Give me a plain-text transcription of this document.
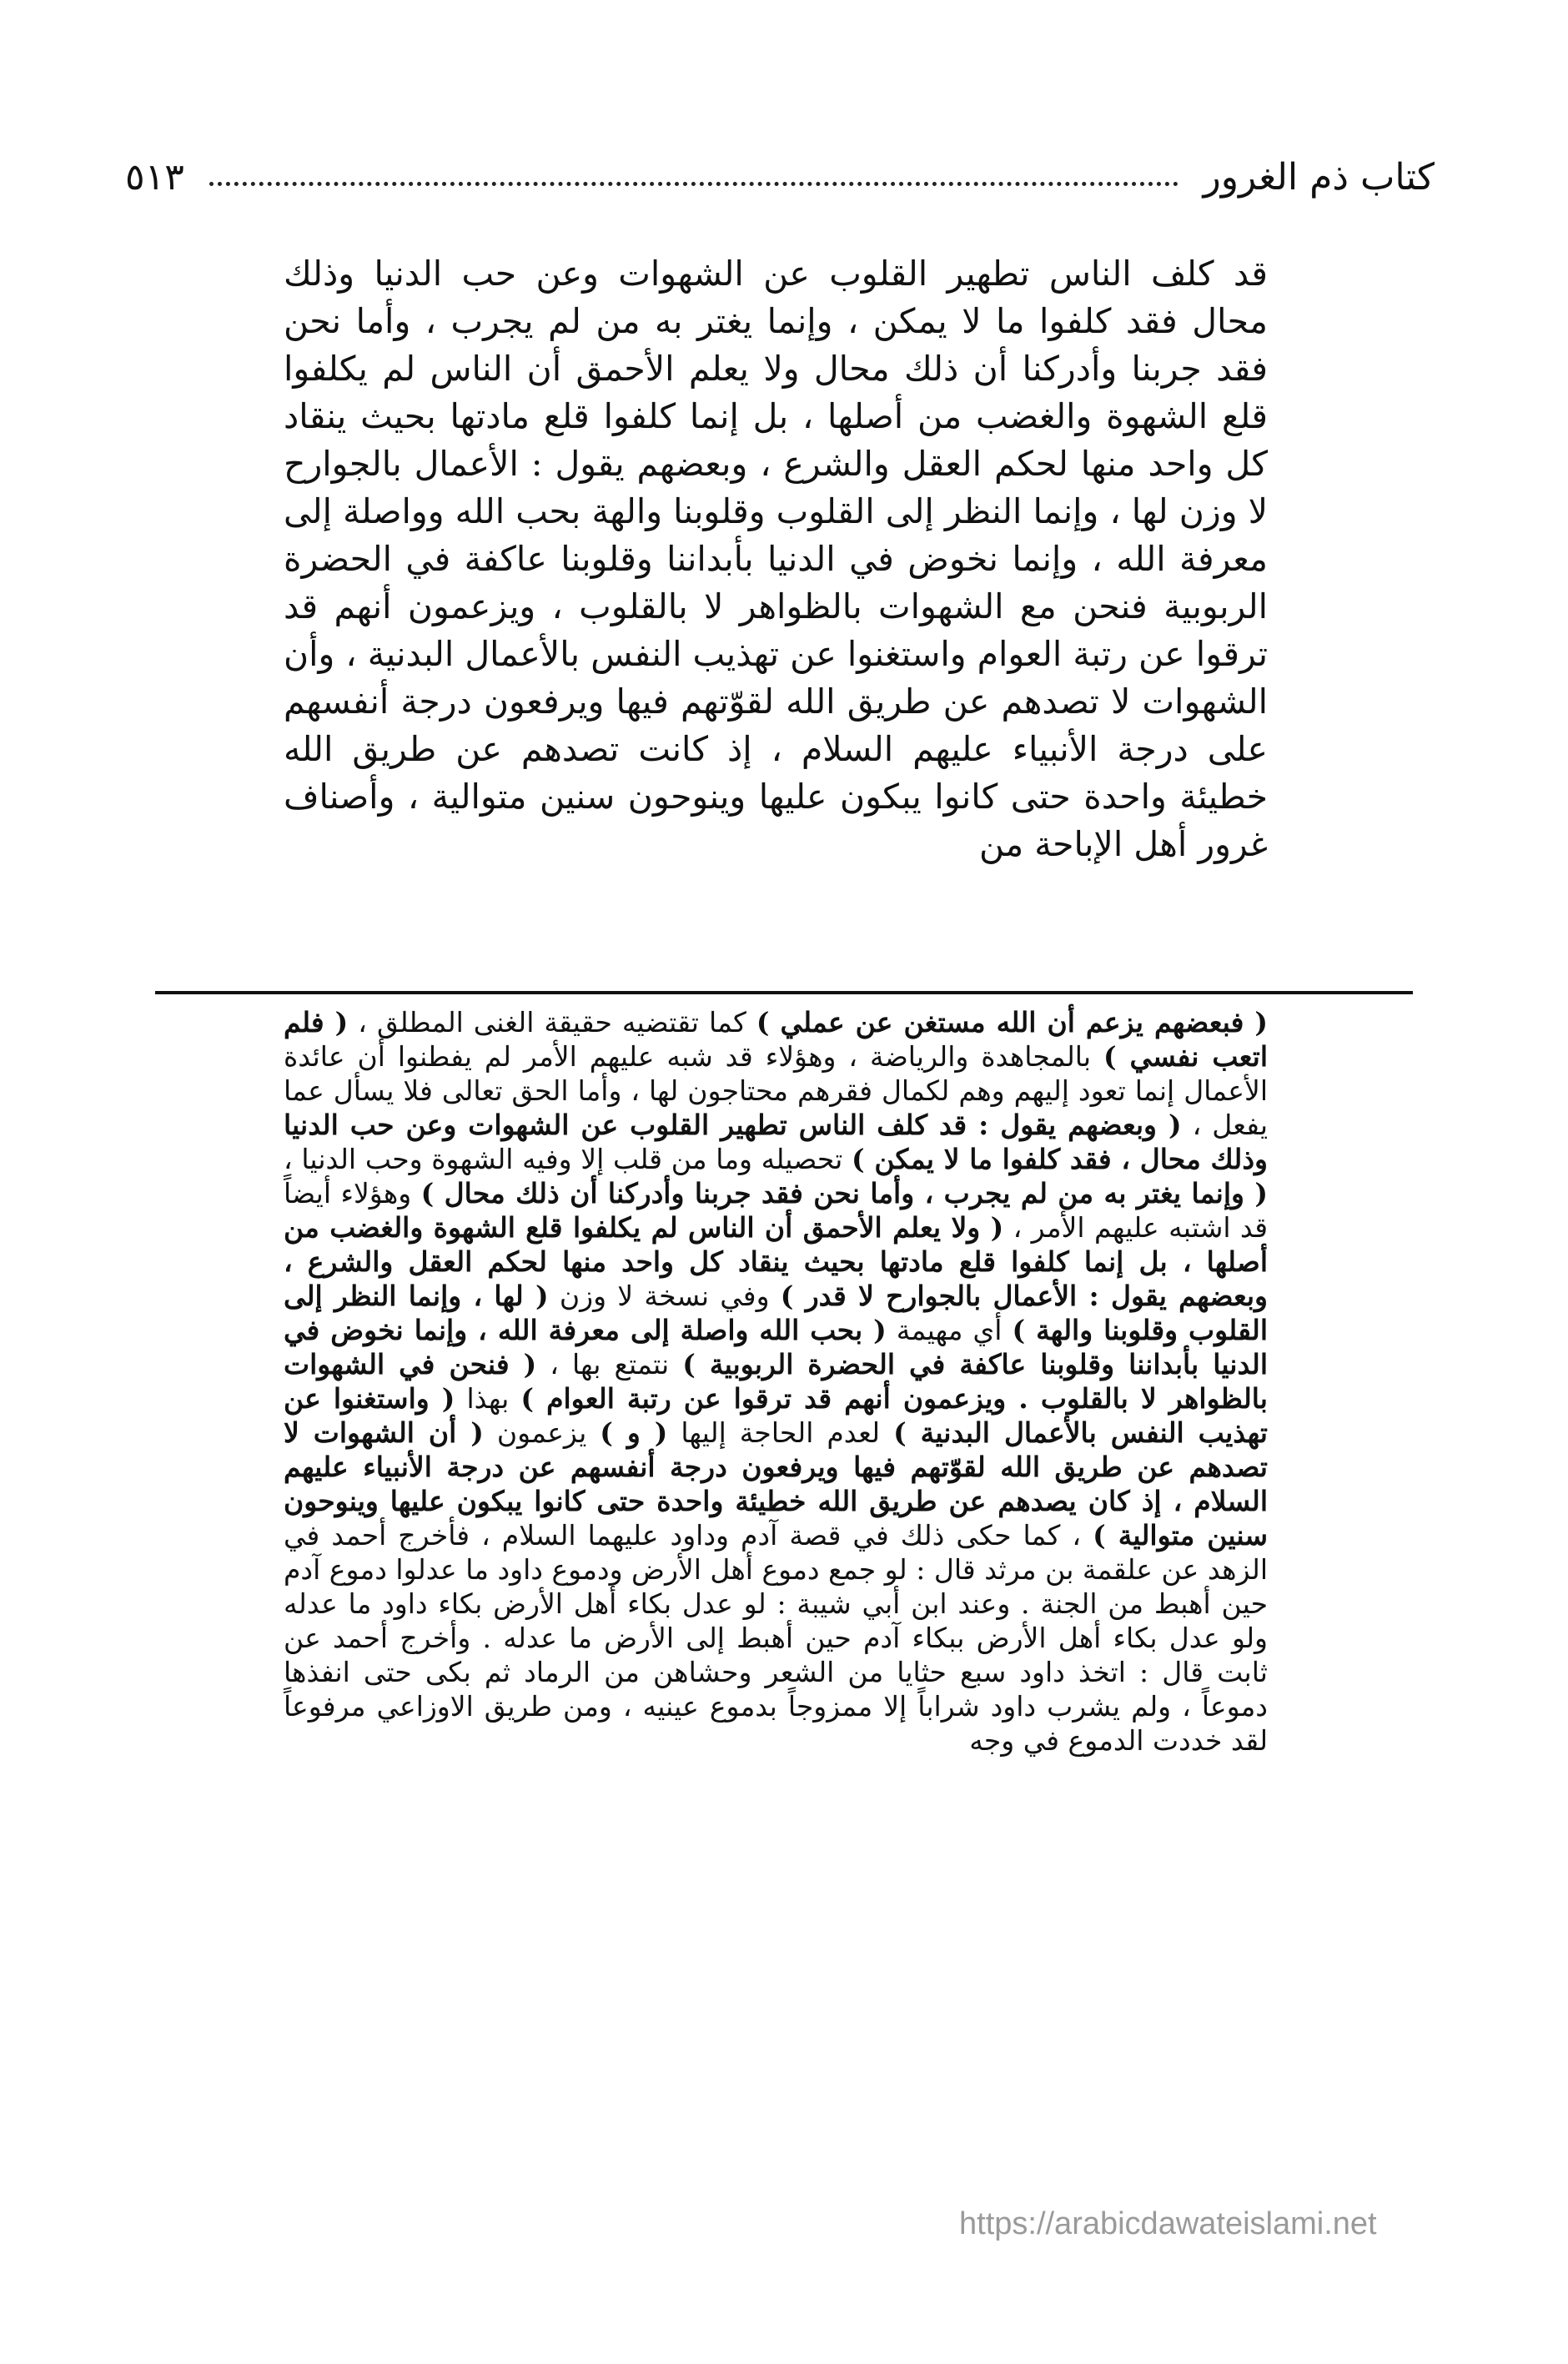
كتاب ذم الغرور
٥١٣

قد كلف الناس تطهير القلوب عن الشهوات وعن حب الدنيا وذلك محال فقد كلفوا ما لا يمكن ، وإنما يغتر به من لم يجرب ، وأما نحن فقد جربنا وأدركنا أن ذلك محال ولا يعلم الأحمق أن الناس لم يكلفوا قلع الشهوة والغضب من أصلها ، بل إنما كلفوا قلع مادتها بحيث ينقاد كل واحد منها لحكم العقل والشرع ، وبعضهم يقول : الأعمال بالجوارح لا وزن لها ، وإنما النظر إلى القلوب وقلوبنا والهة بحب الله وواصلة إلى معرفة الله ، وإنما نخوض في الدنيا بأبداننا وقلوبنا عاكفة في الحضرة الربوبية فنحن مع الشهوات بالظواهر لا بالقلوب ، ويزعمون أنهم قد ترقوا عن رتبة العوام واستغنوا عن تهذيب النفس بالأعمال البدنية ، وأن الشهوات لا تصدهم عن طريق الله لقوّتهم فيها ويرفعون درجة أنفسهم على درجة الأنبياء عليهم السلام ، إذ كانت تصدهم عن طريق الله خطيئة واحدة حتى كانوا يبكون عليها وينوحون سنين متوالية ، وأصناف غرور أهل الإباحة من

( فبعضهم يزعم أن الله مستغن عن عملي ) كما تقتضيه حقيقة الغنى المطلق ، ( فلم اتعب نفسي ) بالمجاهدة والرياضة ، وهؤلاء قد شبه عليهم الأمر لم يفطنوا أن عائدة الأعمال إنما تعود إليهم وهم لكمال فقرهم محتاجون لها ، وأما الحق تعالى فلا يسأل عما يفعل ، ( وبعضهم يقول : قد كلف الناس تطهير القلوب عن الشهوات وعن حب الدنيا وذلك محال ، فقد كلفوا ما لا يمكن ) تحصيله وما من قلب إلا وفيه الشهوة وحب الدنيا ، ( وإنما يغتر به من لم يجرب ، وأما نحن فقد جربنا وأدركنا أن ذلك محال ) وهؤلاء أيضاً قد اشتبه عليهم الأمر ، ( ولا يعلم الأحمق أن الناس لم يكلفوا قلع الشهوة والغضب من أصلها ، بل إنما كلفوا قلع مادتها بحيث ينقاد كل واحد منها لحكم العقل والشرع ، وبعضهم يقول : الأعمال بالجوارح لا قدر ) وفي نسخة لا وزن ( لها ، وإنما النظر إلى القلوب وقلوبنا والهة ) أي مهيمة ( بحب الله واصلة إلى معرفة الله ، وإنما نخوض في الدنيا بأبداننا وقلوبنا عاكفة في الحضرة الربوبية ) نتمتع بها ، ( فنحن في الشهوات بالظواهر لا بالقلوب . ويزعمون أنهم قد ترقوا عن رتبة العوام ) بهذا ( واستغنوا عن تهذيب النفس بالأعمال البدنية ) لعدم الحاجة إليها ( و ) يزعمون ( أن الشهوات لا تصدهم عن طريق الله لقوّتهم فيها ويرفعون درجة أنفسهم عن درجة الأنبياء عليهم السلام ، إذ كان يصدهم عن طريق الله خطيئة واحدة حتى كانوا يبكون عليها وينوحون سنين متوالية ) ، كما حكى ذلك في قصة آدم وداود عليهما السلام ، فأخرج أحمد في الزهد عن علقمة بن مرثد قال : لو جمع دموع أهل الأرض ودموع داود ما عدلوا دموع آدم حين أهبط من الجنة . وعند ابن أبي شيبة : لو عدل بكاء أهل الأرض بكاء داود ما عدله ولو عدل بكاء أهل الأرض ببكاء آدم حين أهبط إلى الأرض ما عدله . وأخرج أحمد عن ثابت قال : اتخذ داود سبع حثايا من الشعر وحشاهن من الرماد ثم بكى حتى انفذها دموعاً ، ولم يشرب داود شراباً إلا ممزوجاً بدموع عينيه ، ومن طريق الاوزاعي مرفوعاً لقد خددت الدموع في وجه

https://arabicdawateislami.net
